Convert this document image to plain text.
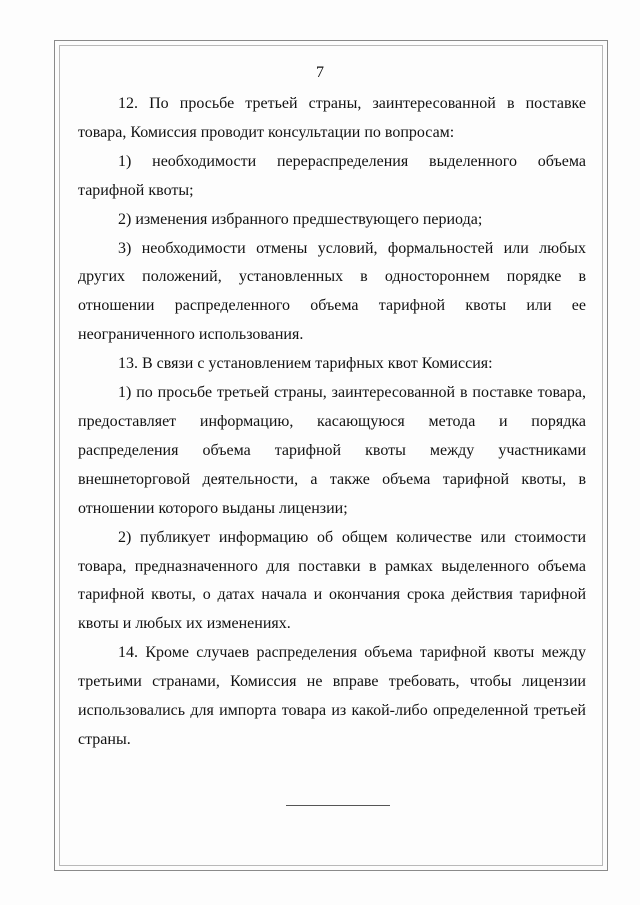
7

12. По просьбе третьей страны, заинтересованной в поставке товара, Комиссия проводит консультации по вопросам:

1) необходимости перераспределения выделенного объема тарифной квоты;

2) изменения избранного предшествующего периода;

3) необходимости отмены условий, формальностей или любых других положений, установленных в одностороннем порядке в отношении распределенного объема тарифной квоты или ее неограниченного использования.

13. В связи с установлением тарифных квот Комиссия:

1) по просьбе третьей страны, заинтересованной в поставке товара, предоставляет информацию, касающуюся метода и порядка распределения объема тарифной квоты между участниками внешнеторговой деятельности, а также объема тарифной квоты, в отношении которого выданы лицензии;

2) публикует информацию об общем количестве или стоимости товара, предназначенного для поставки в рамках выделенного объема тарифной квоты, о датах начала и окончания срока действия тарифной квоты и любых их изменениях.

14. Кроме случаев распределения объема тарифной квоты между третьими странами, Комиссия не вправе требовать, чтобы лицензии использовались для импорта товара из какой-либо определенной третьей страны.
